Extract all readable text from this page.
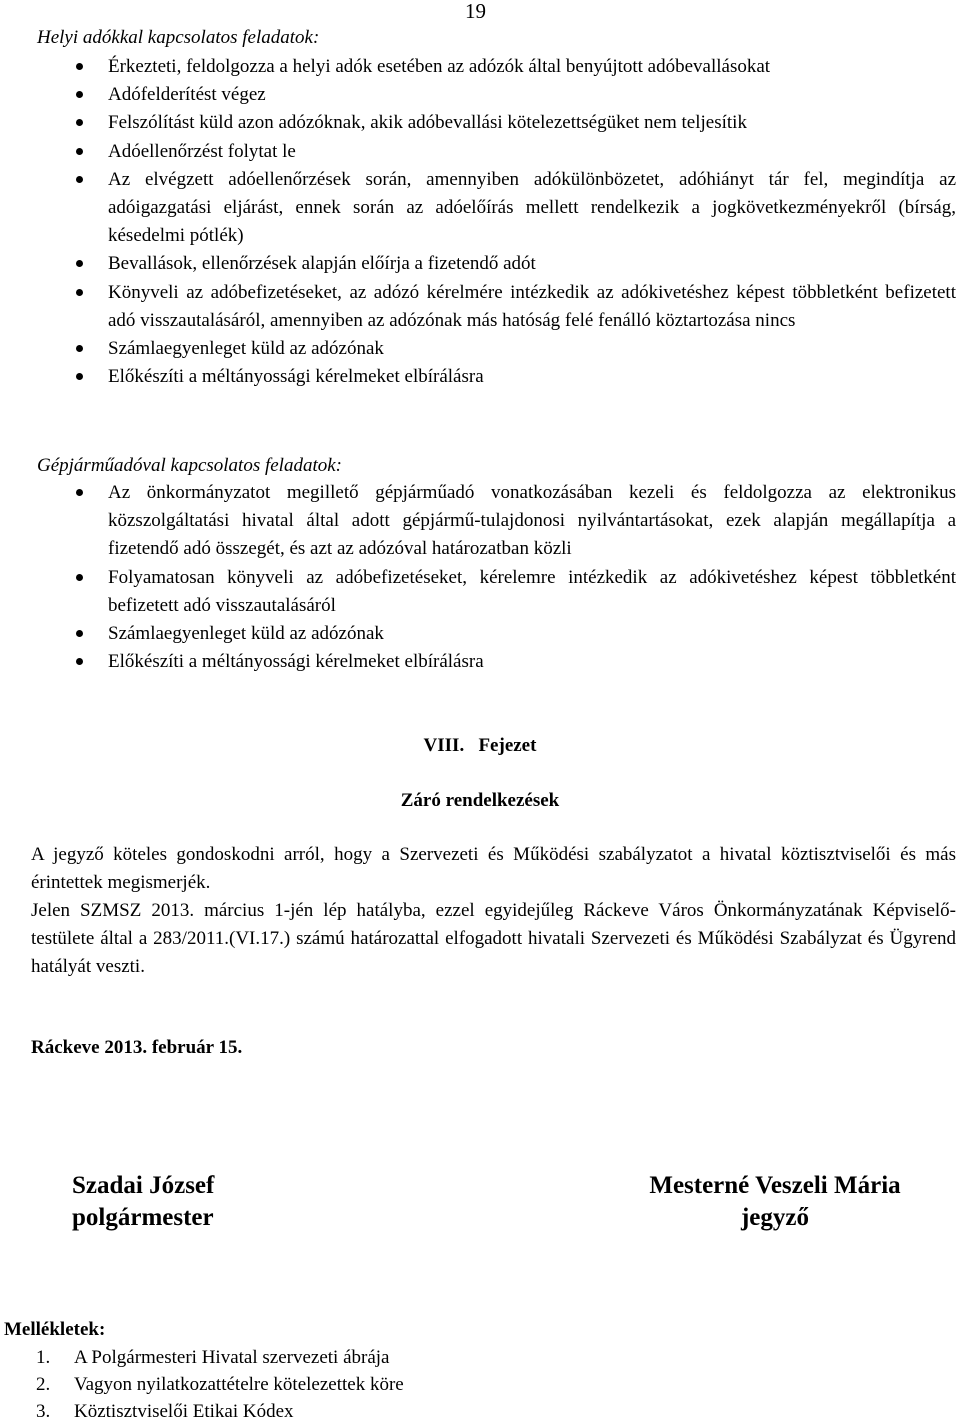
19
Helyi adókkal kapcsolatos feladatok:
Érkezteti, feldolgozza a helyi adók esetében az adózók által benyújtott adóbevallásokat
Adófelderítést végez
Felszólítást küld azon adózóknak, akik adóbevallási kötelezettségüket nem teljesítik
Adóellenőrzést folytat le
Az elvégzett adóellenőrzések során, amennyiben adókülönbözetet, adóhiányt tár fel, megindítja az adóigazgatási eljárást, ennek során az adóelőírás mellett rendelkezik a jogkövetkezményekről (bírság, késedelmi pótlék)
Bevallások, ellenőrzések alapján előírja a fizetendő adót
Könyveli az adóbefizetéseket, az adózó kérelmére intézkedik az adókivetéshez képest többletként befizetett adó visszautalásáról, amennyiben az adózónak más hatóság felé fenálló köztartozása nincs
Számlaegyenleget küld az adózónak
Előkészíti a méltányossági kérelmeket elbírálásra
Gépjárműadóval kapcsolatos feladatok:
Az önkormányzatot megillető gépjárműadó vonatkozásában kezeli és feldolgozza az elektronikus közszolgáltatási hivatal által adott gépjármű-tulajdonosi nyilvántartásokat, ezek alapján megállapítja a fizetendő adó összegét, és azt az adózóval határozatban közli
Folyamatosan könyveli az adóbefizetéseket, kérelemre intézkedik az adókivetéshez képest többletként befizetett adó visszautalásáról
Számlaegyenleget küld az adózónak
Előkészíti a méltányossági kérelmeket elbírálásra
VIII. Fejezet
Záró rendelkezések

A jegyző köteles gondoskodni arról, hogy a Szervezeti és Működési szabályzatot a hivatal köztisztviselői és más érintettek megismerjék.

Jelen SZMSZ 2013. március 1-jén lép hatályba, ezzel egyidejűleg Ráckeve Város Önkormányzatának Képviselő-testülete által a 283/2011.(VI.17.) számú határozattal elfogadott hivatali Szervezeti és Működési Szabályzat és Ügyrend hatályát veszti.

Ráckeve 2013. február 15.
Szadai József
polgármester
Mesterné Veszeli Mária
jegyző
Mellékletek:
1. A Polgármesteri Hivatal szervezeti ábrája
2. Vagyon nyilatkozattételre kötelezettek köre
3. Köztisztviselői Etikai Kódex
